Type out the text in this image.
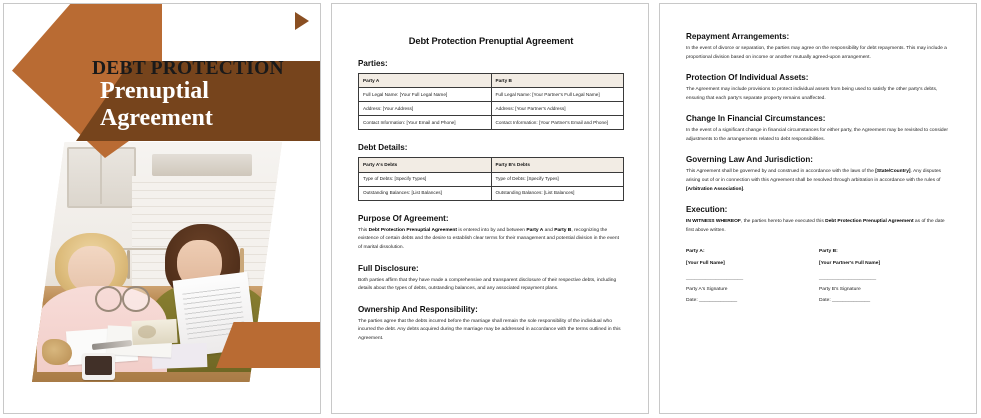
DEBT PROTECTION
Prenuptial
Agreement
Debt Protection Prenuptial Agreement
Parties:
Party A	Party B
Full Legal Name: [Your Full Legal Name]	Full Legal Name: [Your Partner's Full Legal Name]
Address: [Your Address]	Address: [Your Partner's Address]
Contact Information: [Your Email and Phone]	Contact Information: [Your Partner's Email and Phone]
Debt Details:
Party A's Debts	Party B's Debts
Type of Debts: [Specify Types]	Type of Debts: [Specify Types]
Outstanding Balances: [List Balances]	Outstanding Balances: [List Balances]
Purpose Of Agreement:

This Debt Protection Prenuptial Agreement is entered into by and between Party A and Party B, recognizing the existence of certain debts and the desire to establish clear terms for their management and potential division in the event of marital dissolution.

Full Disclosure:

Both parties affirm that they have made a comprehensive and transparent disclosure of their respective debts, including details about the types of debts, outstanding balances, and any associated repayment plans.

Ownership And Responsibility:

The parties agree that the debts incurred before the marriage shall remain the sole responsibility of the individual who incurred the debt. Any debts acquired during the marriage may be addressed in accordance with the terms outlined in this Agreement.

Repayment Arrangements:

In the event of divorce or separation, the parties may agree on the responsibility for debt repayments. This may include a proportional division based on income or another mutually agreed-upon arrangement.

Protection Of Individual Assets:

The Agreement may include provisions to protect individual assets from being used to satisfy the other party's debts, ensuring that each party's separate property remains unaffected.

Change In Financial Circumstances:

In the event of a significant change in financial circumstances for either party, the Agreement may be revisited to consider adjustments to the arrangements related to debt responsibilities.

Governing Law And Jurisdiction:

This Agreement shall be governed by and construed in accordance with the laws of the [State/Country]. Any disputes arising out of or in connection with this Agreement shall be resolved through arbitration in accordance with the rules of [Arbitration Association].

Execution:

IN WITNESS WHEREOF, the parties hereto have executed this Debt Protection Prenuptial Agreement as of the date first above written.

Party A:
[Your Full Name]
_____________________
Party A's Signature
Date: ______________
Party B:
[Your Partner's Full Name]
_____________________
Party B's Signature
Date: ______________
